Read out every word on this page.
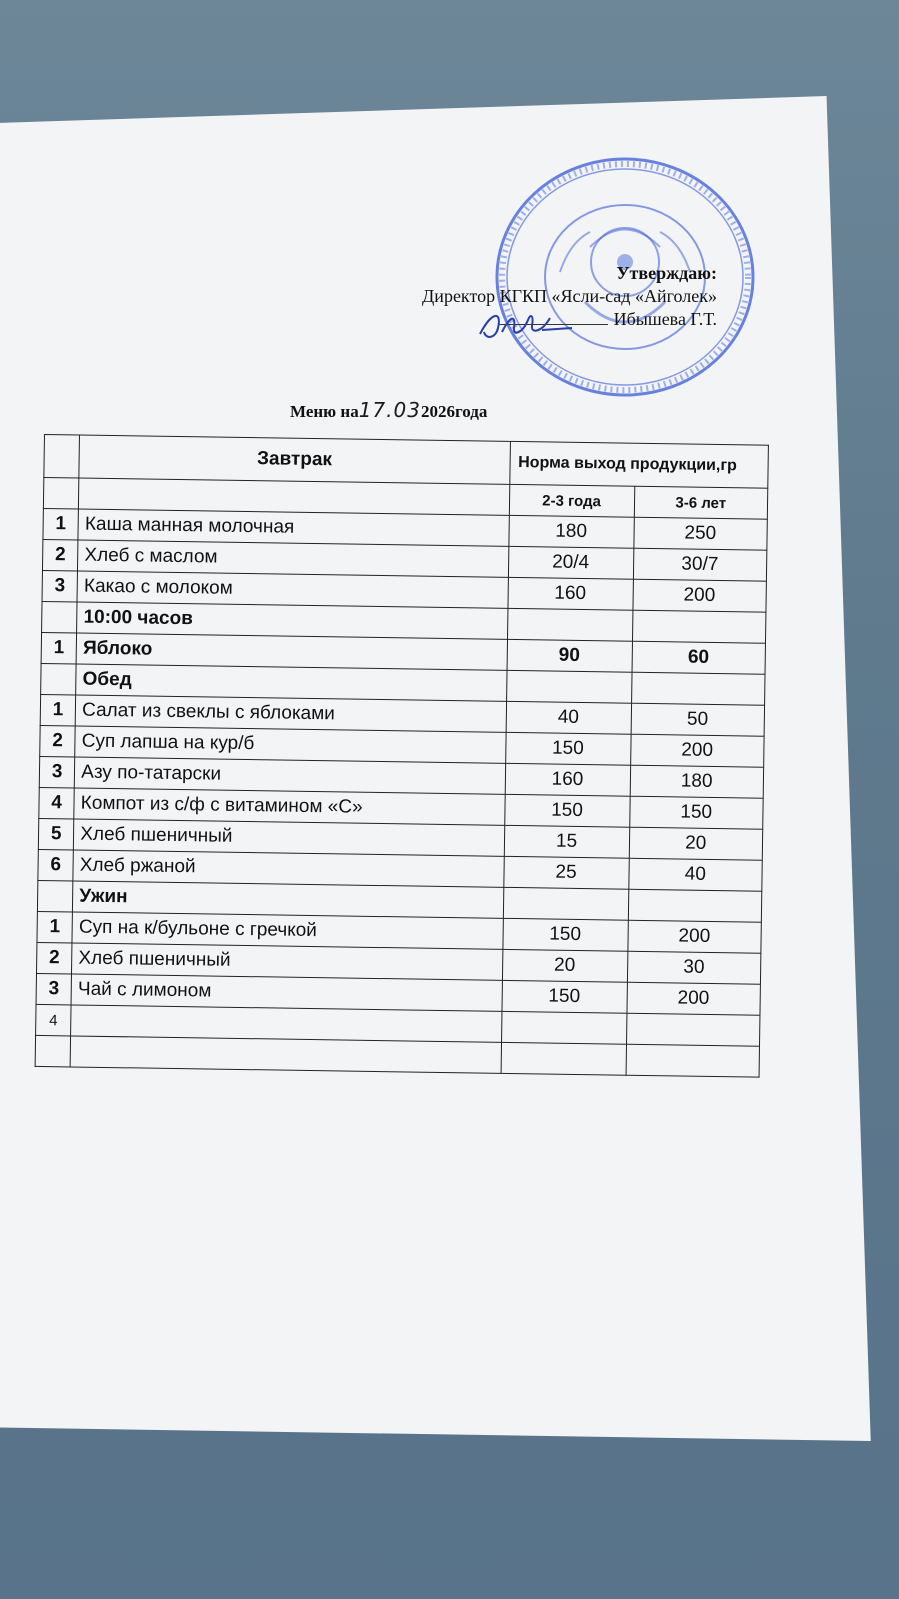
Утверждаю:
Директор КГКП «Ясли-сад «Айголек»
Ибышева Г.Т.
Меню на17.032026года
	Завтрак	Норма выход продукции,гр	
		2-3 года	3-6 лет
1	Каша манная молочная	180	250
2	Хлеб с маслом	20/4	30/7
3	Какао с молоком	160	200
	10:00 часов		
1	Яблоко	90	60
	Обед		
1	Салат из свеклы с яблоками	40	50
2	Суп лапша на кур/б	150	200
3	Азу по-татарски	160	180
4	Компот из с/ф с витамином «С»	150	150
5	Хлеб пшеничный	15	20
6	Хлеб ржаной	25	40
	Ужин		
1	Суп на к/бульоне с гречкой	150	200
2	Хлеб пшеничный	20	30
3	Чай с лимоном	150	200
4			
